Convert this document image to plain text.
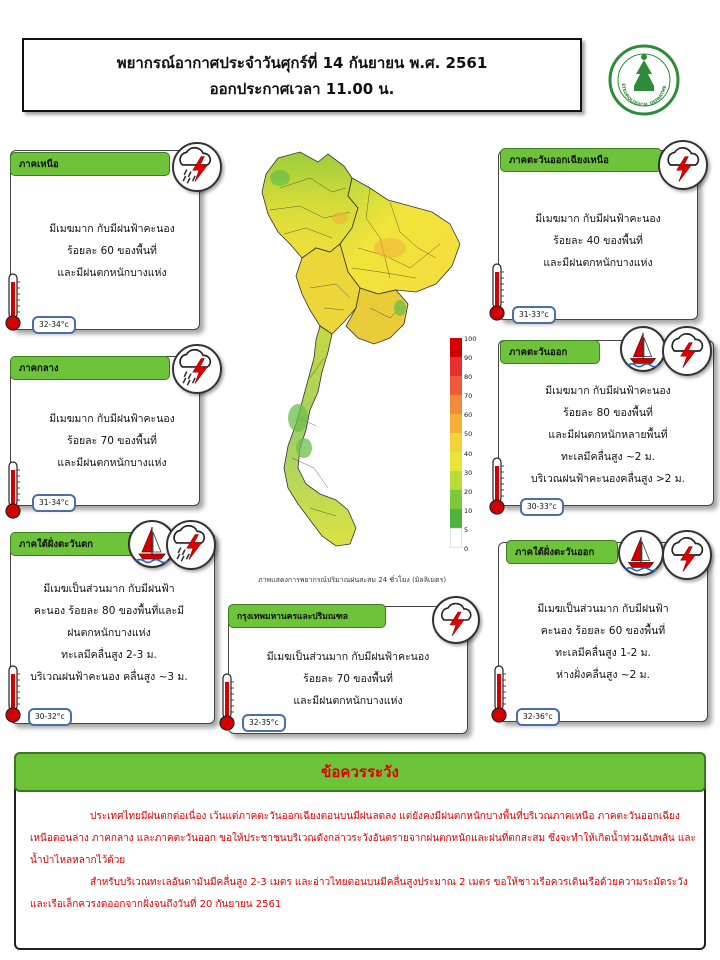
พยากรณ์อากาศประจำวันศุกร์ที่ 14 กันยายน พ.ศ. 2561
ออกประกาศเวลา 11.00 น.	ETEOROLOGICAL DEPARTME
100
90
80
70
60
50
40
30
20
10
5
0
ภาพแสดงการพยากรณ์ปริมาณฝนสะสม 24 ชั่วโมง (มิลลิเมตร)
ภาคเหนือ
มีเมฆมาก กับมีฝนฟ้าคะนอง
ร้อยละ 60 ของพื้นที่
และมีฝนตกหนักบางแห่ง
32-34°c
ภาคกลาง
มีเมฆมาก กับมีฝนฟ้าคะนอง
ร้อยละ 70 ของพื้นที่
และมีฝนตกหนักบางแห่ง
31-34°c
ภาคใต้ฝั่งตะวันตก
มีเมฆเป็นส่วนมาก กับมีฝนฟ้า
คะนอง ร้อยละ 80 ของพื้นที่และมี
ฝนตกหนักบางแห่ง
ทะเลมีคลื่นสูง 2-3 ม.
บริเวณฝนฟ้าคะนอง คลื่นสูง ~3 ม.
30-32°c
ภาคตะวันออกเฉียงเหนือ
มีเมฆมาก กับมีฝนฟ้าคะนอง
ร้อยละ 40 ของพื้นที่
และมีฝนตกหนักบางแห่ง
31-33°c
ภาคตะวันออก
มีเมฆมาก กับมีฝนฟ้าคะนอง
ร้อยละ 80 ของพื้นที่
และมีฝนตกหนักหลายพื้นที่
ทะเลมีคลื่นสูง ~2 ม.
บริเวณฝนฟ้าคะนองคลื่นสูง >2 ม.
30-33°c
ภาคใต้ฝั่งตะวันออก
มีเมฆเป็นส่วนมาก กับมีฝนฟ้า
คะนอง ร้อยละ 60 ของพื้นที่
ทะเลมีคลื่นสูง 1-2 ม.
ห่างฝั่งคลื่นสูง ~2 ม.
32-36°c
กรุงเทพมหานครและปริมณฑล
มีเมฆเป็นส่วนมาก กับมีฝนฟ้าคะนอง
ร้อยละ 70 ของพื้นที่
และมีฝนตกหนักบางแห่ง
32-35°c
ข้อควรระวัง

ประเทศไทยมีฝนตกต่อเนื่อง เว้นแต่ภาคตะวันออกเฉียงตอนบนมีฝนลดลง แต่ยังคงมีฝนตกหนักบางพื้นที่บริเวณภาคเหนือ ภาคตะวันออกเฉียงเหนือตอนล่าง ภาคกลาง และภาคตะวันออก ขอให้ประชาชนบริเวณดังกล่าวระวังอันตรายจากฝนตกหนักและฝนที่ตกสะสม ซึ่งจะทำให้เกิดน้ำท่วมฉับพลัน และน้ำป่าไหลหลากไว้ด้วย

สำหรับบริเวณทะเลอันดามันมีคลื่นสูง 2-3 เมตร และอ่าวไทยตอนบนมีคลื่นสูงประมาณ 2 เมตร ขอให้ชาวเรือควรเดินเรือด้วยความระมัดระวัง และเรือเล็กควรงดออกจากฝั่งจนถึงวันที่ 20 กันยายน 2561
